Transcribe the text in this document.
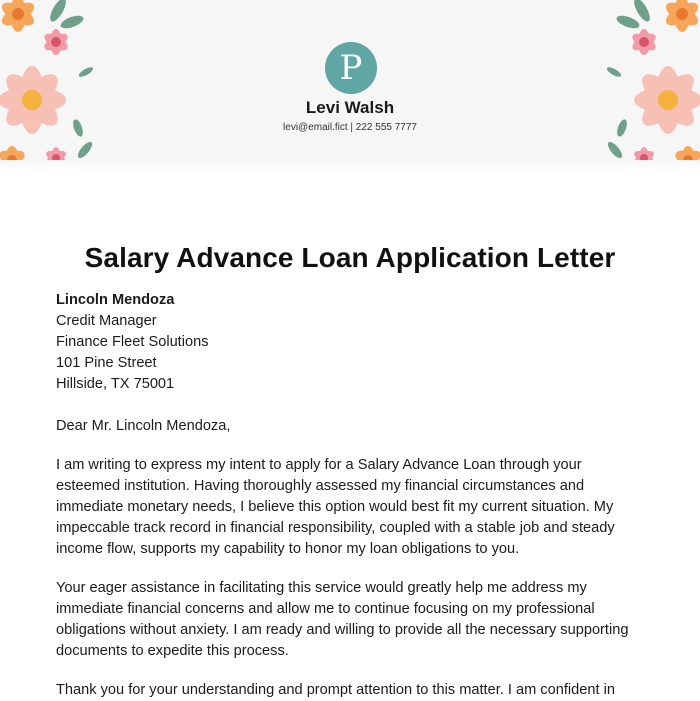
P
Levi Walsh
levi@email.fict | 222 555 7777
Salary Advance Loan Application Letter
Lincoln Mendoza
Credit Manager
Finance Fleet Solutions
101 Pine Street
Hillside, TX 75001
Dear Mr. Lincoln Mendoza,
I am writing to express my intent to apply for a Salary Advance Loan through your esteemed institution. Having thoroughly assessed my financial circumstances and immediate monetary needs, I believe this option would best fit my current situation. My impeccable track record in financial responsibility, coupled with a stable job and steady income flow, supports my capability to honor my loan obligations to you.
Your eager assistance in facilitating this service would greatly help me address my immediate financial concerns and allow me to continue focusing on my professional obligations without anxiety. I am ready and willing to provide all the necessary supporting documents to expedite this process.
Thank you for your understanding and prompt attention to this matter. I am confident in
